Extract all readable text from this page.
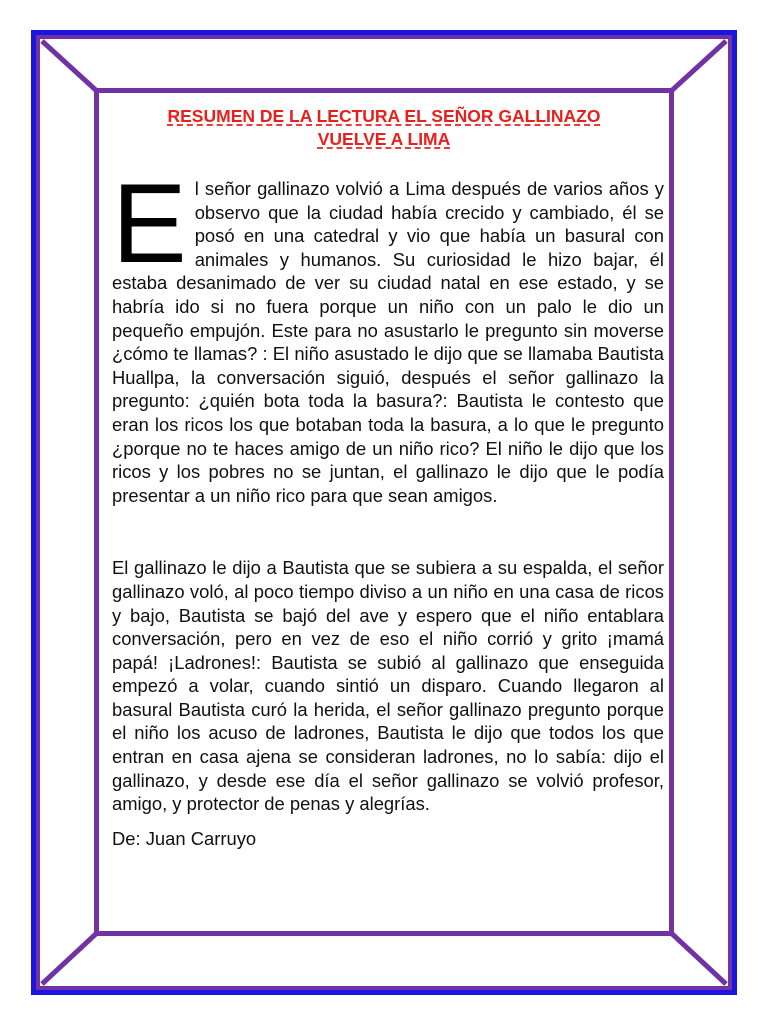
RESUMEN DE LA LECTURA EL SEÑOR GALLINAZO
VUELVE A LIMA

El señor gallinazo volvió a Lima después de varios años y observo que la ciudad había crecido y cambiado, él se posó en una catedral y vio que había un basural con animales y humanos. Su curiosidad le hizo bajar, él estaba desanimado de ver su ciudad natal en ese estado, y se habría ido si no fuera porque un niño con un palo le dio un pequeño empujón. Este para no asustarlo le pregunto sin moverse ¿cómo te llamas? : El niño asustado le dijo que se llamaba Bautista Huallpa, la conversación siguió, después el señor gallinazo la pregunto: ¿quién bota toda la basura?: Bautista le contesto que eran los ricos los que botaban toda la basura, a lo que le pregunto ¿porque no te haces amigo de un niño rico? El niño le dijo que los ricos y los pobres no se juntan, el gallinazo le dijo que le podía presentar a un niño rico para que sean amigos.

El gallinazo le dijo a Bautista que se subiera a su espalda, el señor gallinazo voló, al poco tiempo diviso a un niño en una casa de ricos y bajo, Bautista se bajó del ave y espero que el niño entablara conversación, pero en vez de eso el niño corrió y grito ¡mamá papá! ¡Ladrones!: Bautista se subió al gallinazo que enseguida empezó a volar, cuando sintió un disparo. Cuando llegaron al basural Bautista curó la herida, el señor gallinazo pregunto porque el niño los acuso de ladrones, Bautista le dijo que todos los que entran en casa ajena se consideran ladrones, no lo sabía: dijo el gallinazo, y desde ese día el señor gallinazo se volvió profesor, amigo, y protector de penas y alegrías.

De: Juan Carruyo
